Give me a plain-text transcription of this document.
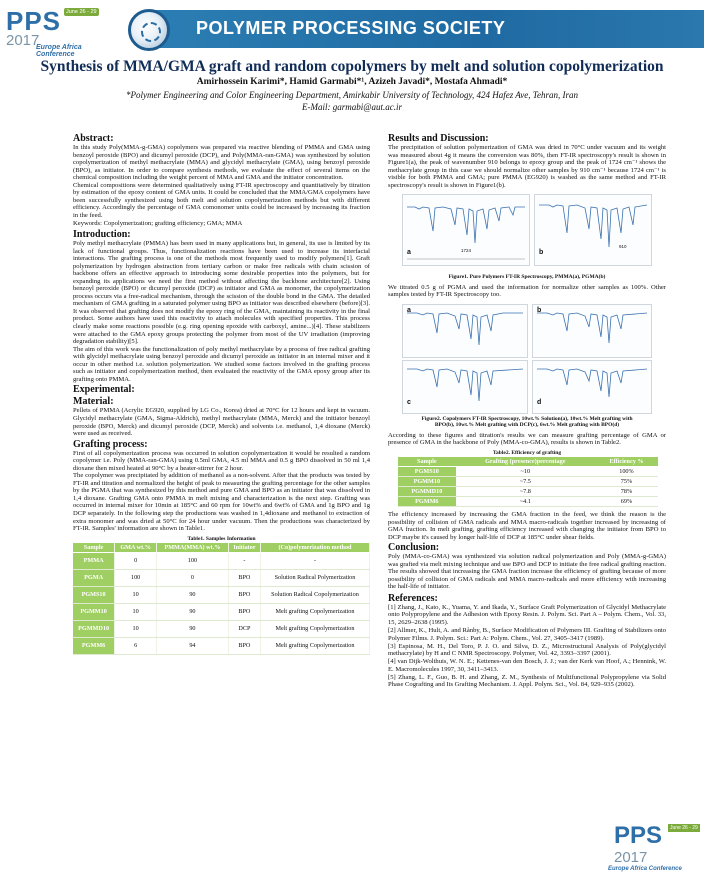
PPS June 26 - 29
2017
Europe Africa Conference
POLYMER PROCESSING SOCIETY
Synthesis of MMA/GMA graft and random copolymers by melt and solution copolymerization
Amirhossein Karimi*, Hamid Garmabi*¹, Azizeh Javadi*, Mostafa Ahmadi*
*Polymer Engineering and Color Engineering Department, Amirkabir University of Technology, 424 Hafez Ave, Tehran, Iran
E-Mail: garmabi@aut.ac.ir
Abstract:

In this study Poly(MMA-g-GMA) copolymers was prepared via reactive blending of PMMA and GMA using benzoyl peroxide (BPO) and dicumyl peroxide (DCP), and Poly(MMA-ran-GMA) was synthesized by solution copolymerization of methyl methacrylate (MMA) and glycidyl methacrylate (GMA), using benzoyl peroxide (BPO), as initiator. In order to compare synthesis methods, we evaluate the effect of several items on the chemical composition including the weight percent of MMA and GMA and the initiator concentration.

Chemical compositions were determined qualitatively using FT-IR spectroscopy and quantitatively by titration by estimation of the epoxy content of GMA units. It could be concluded that the MMA/GMA copolymers have been successfully synthesized using both melt and solution copolymerization methods but with different efficiency. Accordingly the percentage of GMA comonomer units could be increased by increasing its fraction in the feed.

Keywords: Copolymerization; grafting efficiency; GMA; MMA

Introduction:

Poly methyl methacrylate (PMMA) has been used in many applications but, in general, its use is limited by its lack of functional groups. Thus, functionalization reactions have been used to increase its interfacial interactions. The grafting process is one of the methods most frequently used to modify polymers[1]. Graft polymerization by hydrogen abstraction from tertiary carbon or make free radicals with chain scission of backbone offers an effective approach to introducing some desirable properties into the polymers, but for expanding its applications we need the first method without affecting the backbone architecture[2]. Using benzoyl peroxide (BPO) or dicumyl peroxide (DCP) as initiator and GMA as monomer, the copolymerization process occurs via a free-radical mechanism, through the scission of the double bond in the GMA. The detailed mechanism of GMA grafting in a saturated polymer using BPO as initiator was described elsewhere (before)[3]. It was observed that grafting does not modify the epoxy ring of the GMA, maintaining its reactivity in the final product. Some authors have used this reactivity to attach molecules with specified properties. This process clearly make some reactions possible (e.g. ring opening epoxide with carboxyl, amine...)[4]. These stabilizers were attached to the GMA epoxy groups protecting the polymer from most of the UV irradiation (improving degradation stability)[5].

The aim of this work was the functionalization of poly methyl methacrylate by a process of free radical grafting with glycidyl methacrylate using benzoyl peroxide and dicumyl peroxide as initiator in an internal mixer and it occur in other method i.e. solution polymerization. We studied some factors involved in the grafting process such as initiator and copolymerization method, then evaluated the reactivity of the GMA epoxy group after its grafting onto PMMA.

Experimental:
Material:

Pellets of PMMA (Acrylic EG920, supplied by LG Co., Korea) dried at 70°C for 12 hours and kept in vacuum. Glycidyl methacrylate (GMA, Sigma-Aldrich), methyl methacrylate (MMA, Merck) and the initiator benzoyl peroxide (BPO, Merck) and dicumyl peroxide (DCP, Merck) and solvents i.e. methanol, 1,4 dioxane (Merck) were used as received.

Grafting process:

First of all copolymerization process was occurred in solution copolymerization it would be resulted a random copolymer i.e. Poly (MMA-ran-GMA) using 0.5ml GMA, 4.5 ml MMA and 0.5 g BPO dissolved in 50 ml 1,4 dioxane then mixed heated at 90°C by a heater-stirrer for 2 hour.

The copolymer was precipitated by addition of methanol as a non-solvent. After that the products was tested by FT-IR and titration and normalized the height of peak to measuring the grafting percentage for the other samples by the PGMA that was synthesized by this method and pure GMA and BPO as an initiator that was dissolved in 1,4 dioxane. Grafting GMA onto PMMA in melt mixing and characterization is the next step. Grafting was occurred in internal mixer for 10min at 185°C and 60 rpm for 10wt% and 6wt% of GMA and 1g BPO and 1g DCP separately. In the following step the productions was washed in 1,4dioxane and methanol to extraction of extra monomer and was dried at 50°C for 24 hour under vacuum. Then the productions was characterized by FT-IR. Samples' information are shown in Table1.

Table1. Samples Information
Sample	GMA wt.%	PMMA(MMA) wt.%	Initiator	(Co)polymerization method
PMMA	0	100	-	-
PGMA	100	0	BPO	Solution Radical Polymerization
PGMS10	10	90	BPO	Solution Radical Copolymerization
PGMM10	10	90	BPO	Melt grafting Copolymerization
PGMMD10	10	90	DCP	Melt grafting Copolymerization
PGMM6	6	94	BPO	Melt grafting Copolymerization
Results and Discussion:

The precipitation of solution polymerization of GMA was dried in 70°C under vacuum and its weight was measured about 4g it means the conversion was 80%, then FT-IR spectroscopy's result is shown in Figure1(a), the peak of wavenumber 910 belongs to epoxy group and the peak of 1724 cm⁻¹ shows the methacrylate group in this case we should normalize other samples by 910 cm⁻¹ because 1724 cm⁻¹ is visible for both PMMA and GMA; pure PMMA (EG920) is washed as the same method and FT-IR spectroscopy's result is shown in Figure1(b).

a	1724	b
910
Figure1. Pure Polymers FT-IR Spectroscopy, PMMA(a), PGMA(b)

We titrated 0.5 g of PGMA and used the information for normalize other samples as 100%. Other samples tested by FT-IR Spectroscopy too.

a	b
c	d
Figure2. Copolymers FT-IR Spectroscopy, 10wt.% Solution(a), 10wt.% Melt grafting with
BPO(b), 10wt.% Melt grafting with DCP(c), 6wt.% Melt grafting with BPO(d)

According to these figures and titration's results we can measure grafting percentage of GMA or presence of GMA in the backbone of Poly (MMA-co-GMA), results is shown in Table2.

Table2. Efficiency of grafting
Sample	Grafting (presence)percentage	Efficiency %
PGMS10	~10	100%
PGMM10	~7.5	75%
PGMMD10	~7.8	78%
PGMM6	~4.1	69%

The efficiency increased by increasing the GMA fraction in the feed, we think the reason is the possibility of collision of GMA radicals and MMA macro-radicals together increased by increasing of GMA fraction. In melt grafting, grafting efficiency increased with changing the initiator from BPO to DCP maybe it's caused by longer half-life of DCP at 185°C under shear fields.

Conclusion:

Poly (MMA-co-GMA) was synthesized via solution radical polymerization and Poly (MMA-g-GMA) was grafted via melt mixing technique and use BPO and DCP to initiate the free radical grafting reaction. The results showed that increasing the GMA fraction increase the efficiency of grafting because of more possibility of collision of GMA radicals and MMA macro-radicals and more efficiency with increasing the half-life of initiator.

References:

[1] Zhang, J., Kato, K., Yuama, Y. and Ikada, Y., Surface Graft Polymerization of Glycidyl Methacrylate onto Polypropylene and the Adhesion with Epoxy Resin. J. Polym. Sci. Part A – Polym. Chem., Vol. 33, 15, 2629–2638 (1995).

[2] Allmer, K., Hult, A. and Rånby, B., Surface Modification of Polymers III. Grafting of Stabilizers onto Polymer Films. J. Polym. Sci.: Part A: Polym. Chem., Vol. 27, 3405–3417 (1989).

[3] Espinosa, M. H., Del Toro, P. J. O. and Silva, D. Z., Microstructural Analysis of Poly(glycidyl methacrylate) by H and C NMR Spectroscopy. Polymer, Vol. 42, 3393–3397 (2001).

[4] van Dijk-Wolthuis, W. N. E.; Kettenes-van den Bosch, J. J.; van der Kerk van Hoof, A.; Hennink, W. E. Macromolecules 1997, 30, 3411–3413.

[5] Zhang, L. F., Guo, B. H. and Zhang, Z. M., Synthesis of Multifunctional Polypropylene via Solid Phase Cografting and Its Grafting Mechanism. J. Appl. Polym. Sci., Vol. 84, 929–935 (2002).

PPS	June 26 - 29
2017
Europe Africa Conference
